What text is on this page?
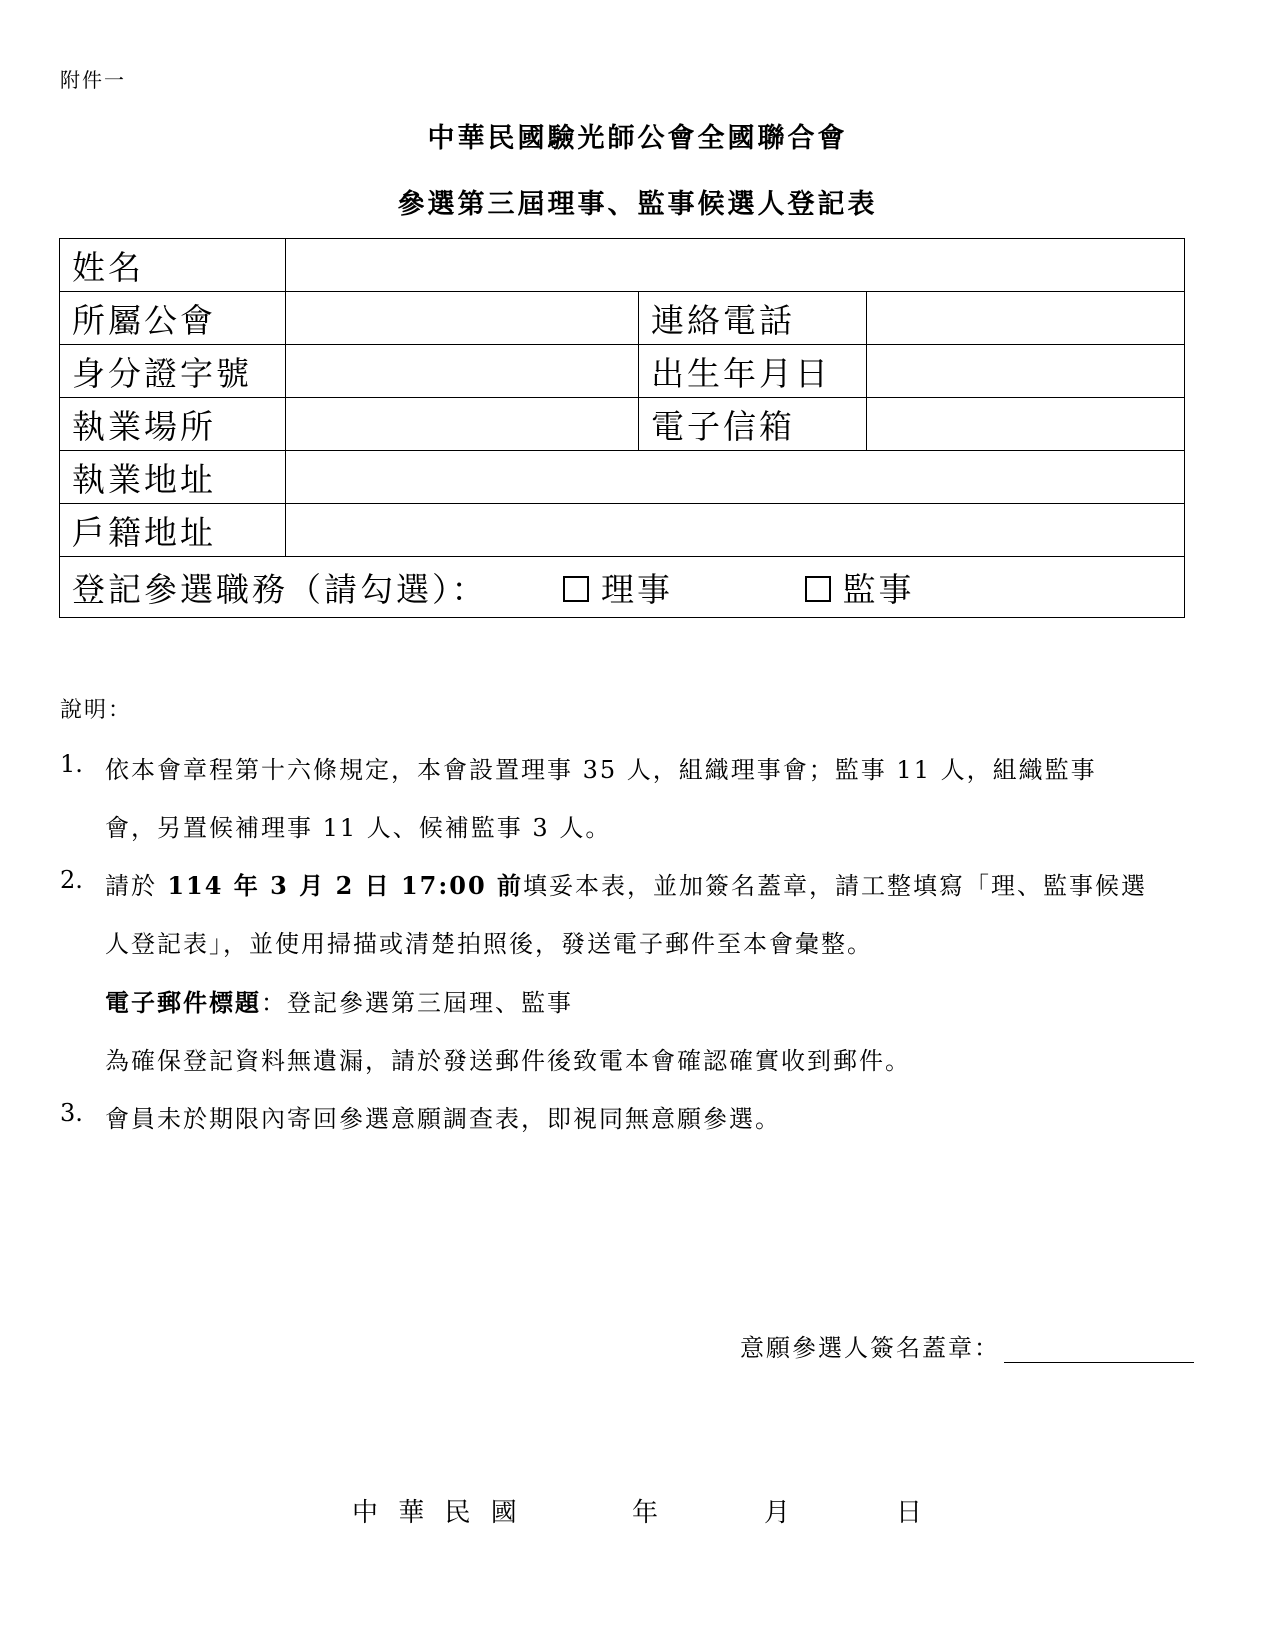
附件一
中華民國驗光師公會全國聯合會
參選第三屆理事、監事候選人登記表
姓名			
所屬公會		連絡電話	
身分證字號		出生年月日	
執業場所		電子信箱	
執業地址			
戶籍地址			
登記參選職務（請勾選）： 理事 監事			
說明：
1. 依本會章程第十六條規定，本會設置理事 35 人，組織理事會；監事 11 人，組織監事
會，另置候補理事 11 人、候補監事 3 人。
2. 請於 114 年 3 月 2 日 17:00 前填妥本表，並加簽名蓋章，請工整填寫「理、監事候選
人登記表」，並使用掃描或清楚拍照後，發送電子郵件至本會彙整。
電子郵件標題：登記參選第三屆理、監事
為確保登記資料無遺漏，請於發送郵件後致電本會確認確實收到郵件。
3. 會員未於期限內寄回參選意願調查表，即視同無意願參選。
意願參選人簽名蓋章：
中 華 民 國	年	月	日
